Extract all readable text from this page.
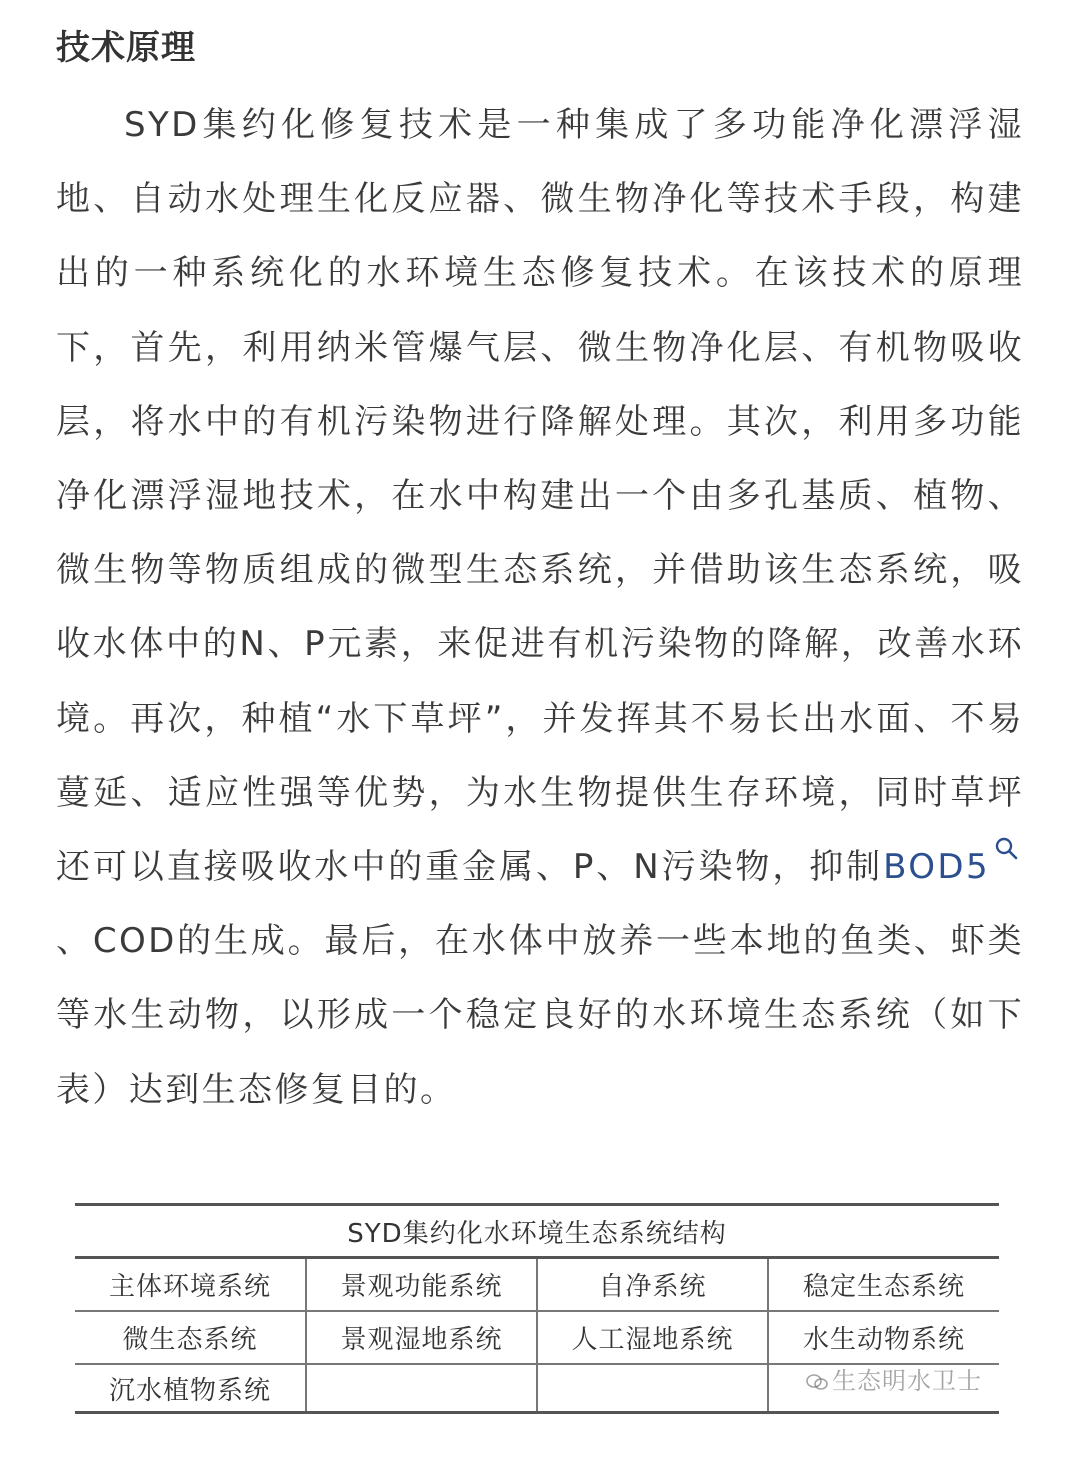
技术原理

SYD集约化修复技术是一种集成了多功能净化漂浮湿地、自动水处理生化反应器、微生物净化等技术手段，构建出的一种系统化的水环境生态修复技术。在该技术的原理下，首先，利用纳米管爆气层、微生物净化层、有机物吸收层，将水中的有机污染物进行降解处理。其次，利用多功能净化漂浮湿地技术，在水中构建出一个由多孔基质、植物、微生物等物质组成的微型生态系统，并借助该生态系统，吸收水体中的N、P元素，来促进有机污染物的降解，改善水环境。再次，种植“水下草坪”，并发挥其不易长出水面、不易蔓延、适应性强等优势，为水生物提供生存环境，同时草坪还可以直接吸收水中的重金属、P、N污染物，抑制BOD5、COD的生成。最后，在水体中放养一些本地的鱼类、虾类等水生动物，以形成一个稳定良好的水环境生态系统（如下表）达到生态修复目的。

SYD集约化水环境生态系统结构			
主体环境系统	景观功能系统	自净系统	稳定生态系统
微生态系统	景观湿地系统	人工湿地系统	水生动物系统
沉水植物系统				生态明水卫士
